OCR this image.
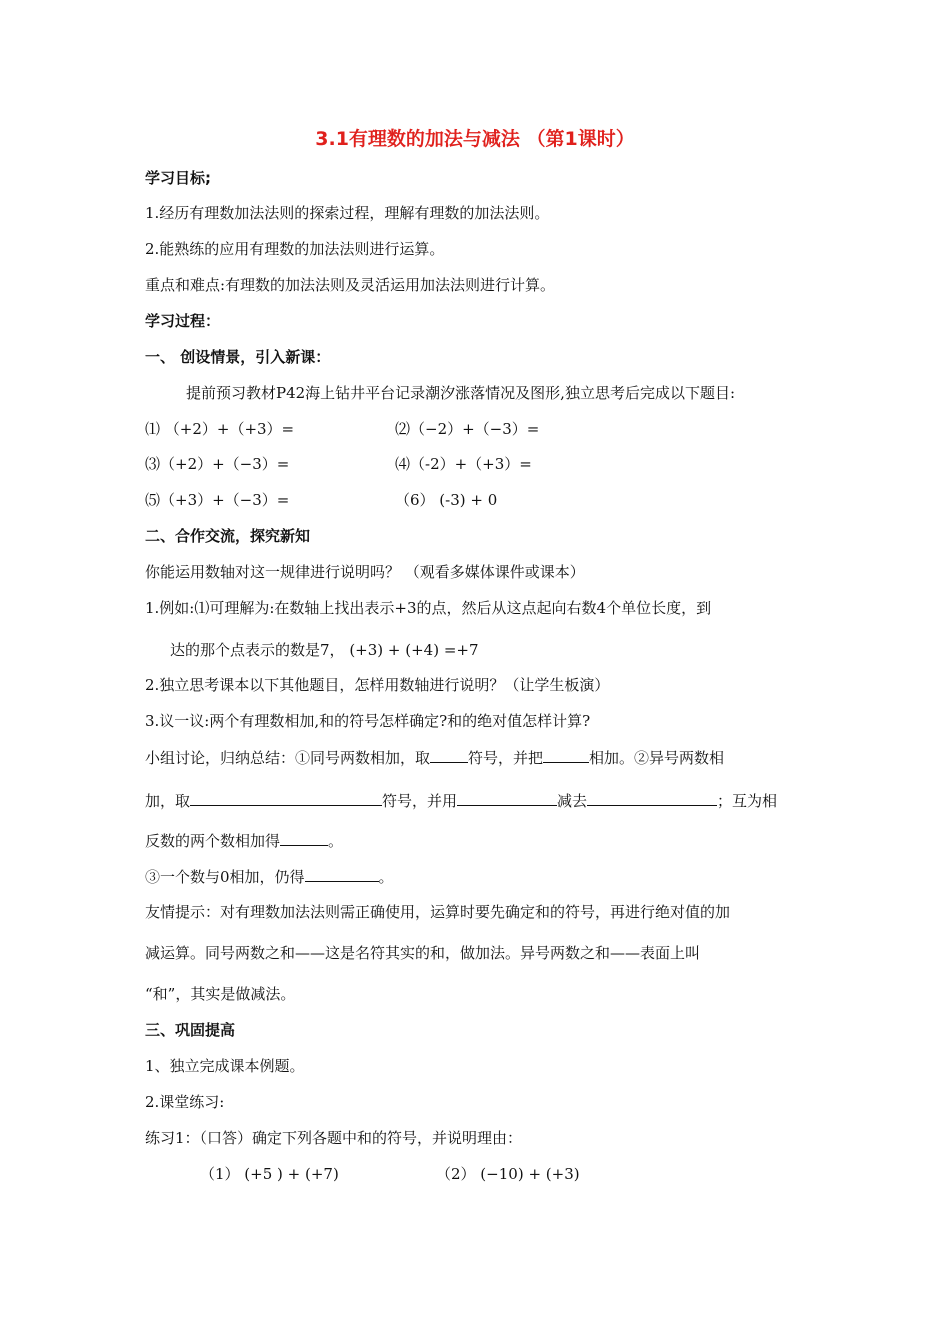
3.1有理数的加法与减法 （第1课时）
学习目标;
1.经历有理数加法法则的探索过程，理解有理数的加法法则。
2.能熟练的应用有理数的加法法则进行运算。
重点和难点:有理数的加法法则及灵活运用加法法则进行计算。
学习过程：
一、 创设情景，引入新课：
提前预习教材P42海上钻井平台记录潮汐涨落情况及图形,独立思考后完成以下题目:
⑴ （+2）+（+3）=	⑵（−2）+（−3）=
⑶（+2）+（−3）=	⑷（-2）+（+3）=
⑸（+3）+（−3）=	（6） (-3) + 0
二、合作交流，探究新知
你能运用数轴对这一规律进行说明吗？ （观看多媒体课件或课本）
1.例如:⑴可理解为:在数轴上找出表示+3的点，然后从这点起向右数4个单位长度，到
达的那个点表示的数是7， (+3) + (+4) =+7
2.独立思考课本以下其他题目，怎样用数轴进行说明？（让学生板演）
3.议一议:两个有理数相加,和的符号怎样确定?和的绝对值怎样计算?
小组讨论，归纳总结：①同号两数相加，取	符号，并把	相加。②异号两数相
加，取	符号，并用	减去	；互为相
反数的两个数相加得	。
③一个数与0相加，仍得	。
友情提示：对有理数加法法则需正确使用，运算时要先确定和的符号，再进行绝对值的加
减运算。同号两数之和——这是名符其实的和，做加法。异号两数之和——表面上叫
“和”，其实是做减法。
三、巩固提高
1、独立完成课本例题。
2.课堂练习:
练习1：（口答）确定下列各题中和的符号，并说明理由：
（1） (+5 ) + (+7)	（2） (−10) + (+3)
